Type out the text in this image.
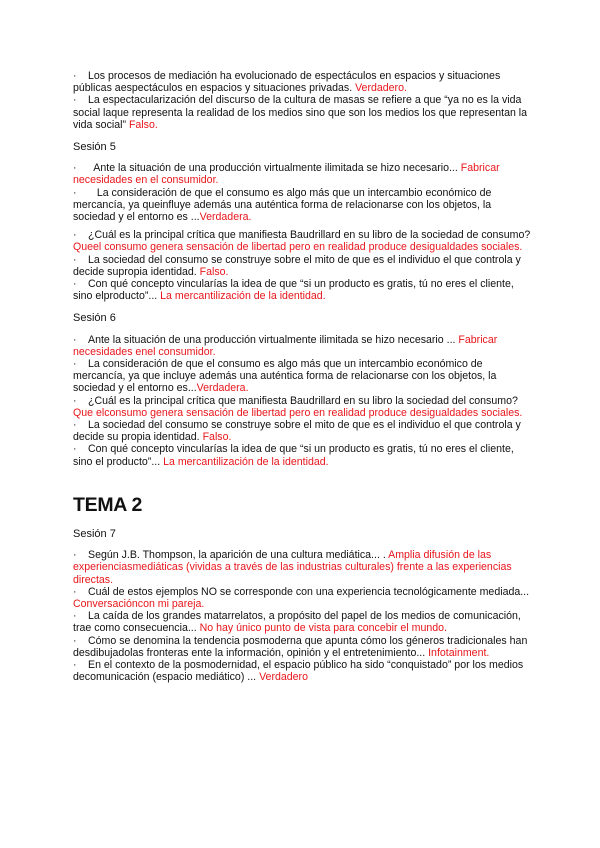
· Los procesos de mediación ha evolucionado de espectáculos en espacios y situaciones públicas aespectáculos en espacios y situaciones privadas. Verdadero.
· La espectacularización del discurso de la cultura de masas se refiere a que “ya no es la vida social laque representa la realidad de los medios sino que son los medios los que representan la vida social” Falso.
Sesión 5
·  Ante la situación de una producción virtualmente ilimitada se hizo necesario... Fabricar necesidades en el consumidor.
·   La consideración de que el consumo es algo más que un intercambio económico de mercancía, ya queinfluye además una auténtica forma de relacionarse con los objetos, la sociedad y el entorno es ...Verdadera.
· ¿Cuál es la principal crítica que manifiesta Baudrillard en su libro de la sociedad de consumo? Queel consumo genera sensación de libertad pero en realidad produce desigualdades sociales.
· La sociedad del consumo se construye sobre el mito de que es el individuo el que controla y decide supropia identidad. Falso.
· Con qué concepto vincularías la idea de que “si un producto es gratis, tú no eres el cliente, sino elproducto”... La mercantilización de la identidad.
Sesión 6
· Ante la situación de una producción virtualmente ilimitada se hizo necesario ... Fabricar necesidades enel consumidor.
· La consideración de que el consumo es algo más que un intercambio económico de mercancía, ya que incluye además una auténtica forma de relacionarse con los objetos, la sociedad y el entorno es...Verdadera.
· ¿Cuál es la principal crítica que manifiesta Baudrillard en su libro la sociedad del consumo? Que elconsumo genera sensación de libertad pero en realidad produce desigualdades sociales.
· La sociedad del consumo se construye sobre el mito de que es el individuo el que controla y decide su propia identidad. Falso.
· Con qué concepto vincularías la idea de que “si un producto es gratis, tú no eres el cliente, sino el producto”... La mercantilización de la identidad.
TEMA 2
Sesión 7
· Según J.B. Thompson, la aparición de una cultura mediática... . Amplia difusión de las experienciasmediáticas (vividas a través de las industrias culturales) frente a las experiencias directas.
· Cuál de estos ejemplos NO se corresponde con una experiencia tecnológicamente mediada... Conversacióncon mi pareja.
· La caída de los grandes matarrelatos, a propósito del papel de los medios de comunicación, trae como consecuencia... No hay único punto de vista para concebir el mundo.
· Cómo se denomina la tendencia posmoderna que apunta cómo los géneros tradicionales han desdibujadolas fronteras ente la información, opinión y el entretenimiento... Infotainment.
· En el contexto de la posmodernidad, el espacio público ha sido “conquistado” por los medios decomunicación (espacio mediático) ... Verdadero
